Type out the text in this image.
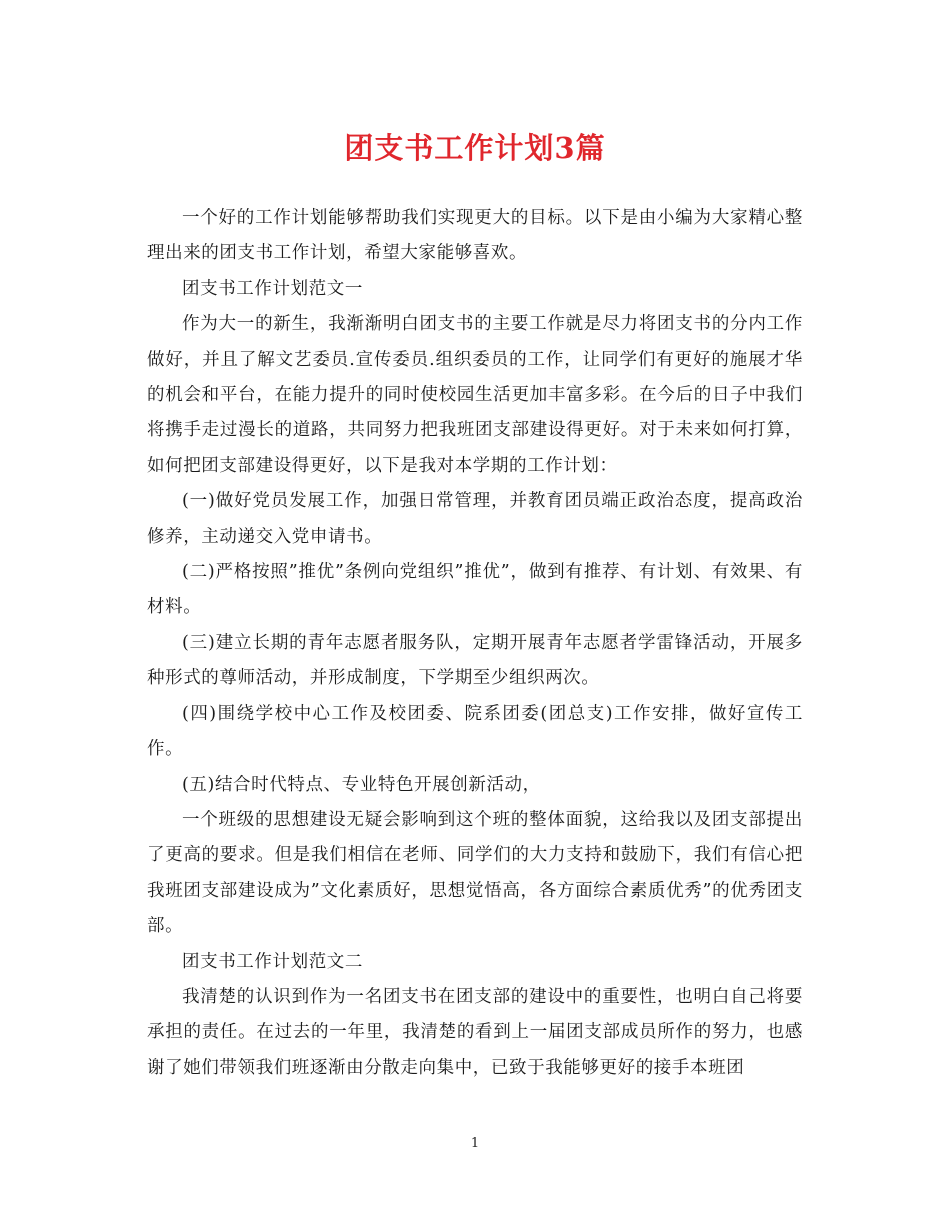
团支书工作计划3篇

一个好的工作计划能够帮助我们实现更大的目标。以下是由小编为大家精心整理出来的团支书工作计划，希望大家能够喜欢。

团支书工作计划范文一

作为大一的新生，我渐渐明白团支书的主要工作就是尽力将团支书的分内工作做好，并且了解文艺委员.宣传委员.组织委员的工作，让同学们有更好的施展才华的机会和平台，在能力提升的同时使校园生活更加丰富多彩。在今后的日子中我们将携手走过漫长的道路，共同努力把我班团支部建设得更好。对于未来如何打算，如何把团支部建设得更好，以下是我对本学期的工作计划：

(一)做好党员发展工作，加强日常管理，并教育团员端正政治态度，提高政治修养，主动递交入党申请书。

(二)严格按照”推优”条例向党组织”推优”，做到有推荐、有计划、有效果、有材料。

(三)建立长期的青年志愿者服务队，定期开展青年志愿者学雷锋活动，开展多种形式的尊师活动，并形成制度，下学期至少组织两次。

(四)围绕学校中心工作及校团委、院系团委(团总支)工作安排，做好宣传工作。

(五)结合时代特点、专业特色开展创新活动，

一个班级的思想建设无疑会影响到这个班的整体面貌，这给我以及团支部提出了更高的要求。但是我们相信在老师、同学们的大力支持和鼓励下，我们有信心把我班团支部建设成为”文化素质好，思想觉悟高，各方面综合素质优秀”的优秀团支部。

团支书工作计划范文二

我清楚的认识到作为一名团支书在团支部的建设中的重要性，也明白自己将要承担的责任。在过去的一年里，我清楚的看到上一届团支部成员所作的努力，也感谢了她们带领我们班逐渐由分散走向集中，已致于我能够更好的接手本班团

1
